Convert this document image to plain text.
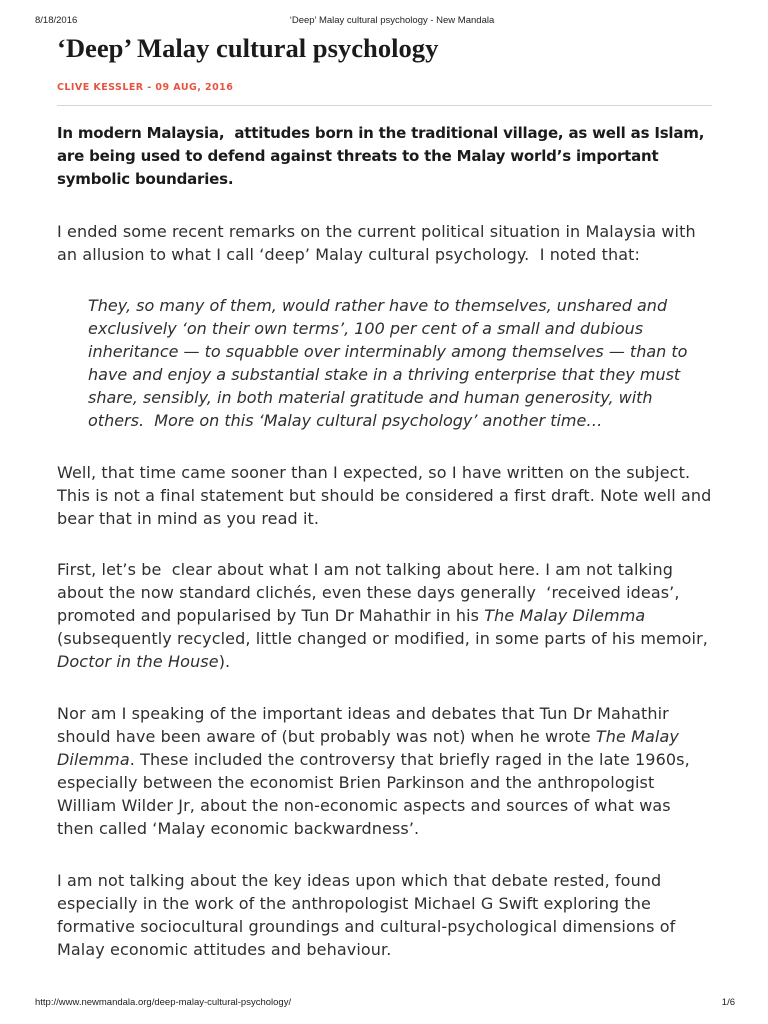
8/18/2016	‘Deep’ Malay cultural psychology - New Mandala
‘Deep’ Malay cultural psychology
CLIVE KESSLER - 09 AUG, 2016
In modern Malaysia,  attitudes born in the traditional village, as well as Islam,
are being used to defend against threats to the Malay world’s important
symbolic boundaries.
I ended some recent remarks on the current political situation in Malaysia with
an allusion to what I call ‘deep’ Malay cultural psychology.  I noted that:
They, so many of them, would rather have to themselves, unshared and
exclusively ‘on their own terms’, 100 per cent of a small and dubious
inheritance — to squabble over interminably among themselves — than to
have and enjoy a substantial stake in a thriving enterprise that they must
share, sensibly, in both material gratitude and human generosity, with
others.  More on this ‘Malay cultural psychology’ another time…
Well, that time came sooner than I expected, so I have written on the subject.
This is not a final statement but should be considered a first draft. Note well and
bear that in mind as you read it.
First, let’s be  clear about what I am not talking about here. I am not talking
about the now standard clichés, even these days generally  ‘received ideas’,
promoted and popularised by Tun Dr Mahathir in his The Malay Dilemma
(subsequently recycled, little changed or modified, in some parts of his memoir,
Doctor in the House).
Nor am I speaking of the important ideas and debates that Tun Dr Mahathir
should have been aware of (but probably was not) when he wrote The Malay
Dilemma. These included the controversy that briefly raged in the late 1960s,
especially between the economist Brien Parkinson and the anthropologist
William Wilder Jr, about the non-economic aspects and sources of what was
then called ‘Malay economic backwardness’.
I am not talking about the key ideas upon which that debate rested, found
especially in the work of the anthropologist Michael G Swift exploring the
formative sociocultural groundings and cultural-psychological dimensions of
Malay economic attitudes and behaviour.
http://www.newmandala.org/deep-malay-cultural-psychology/	1/6
